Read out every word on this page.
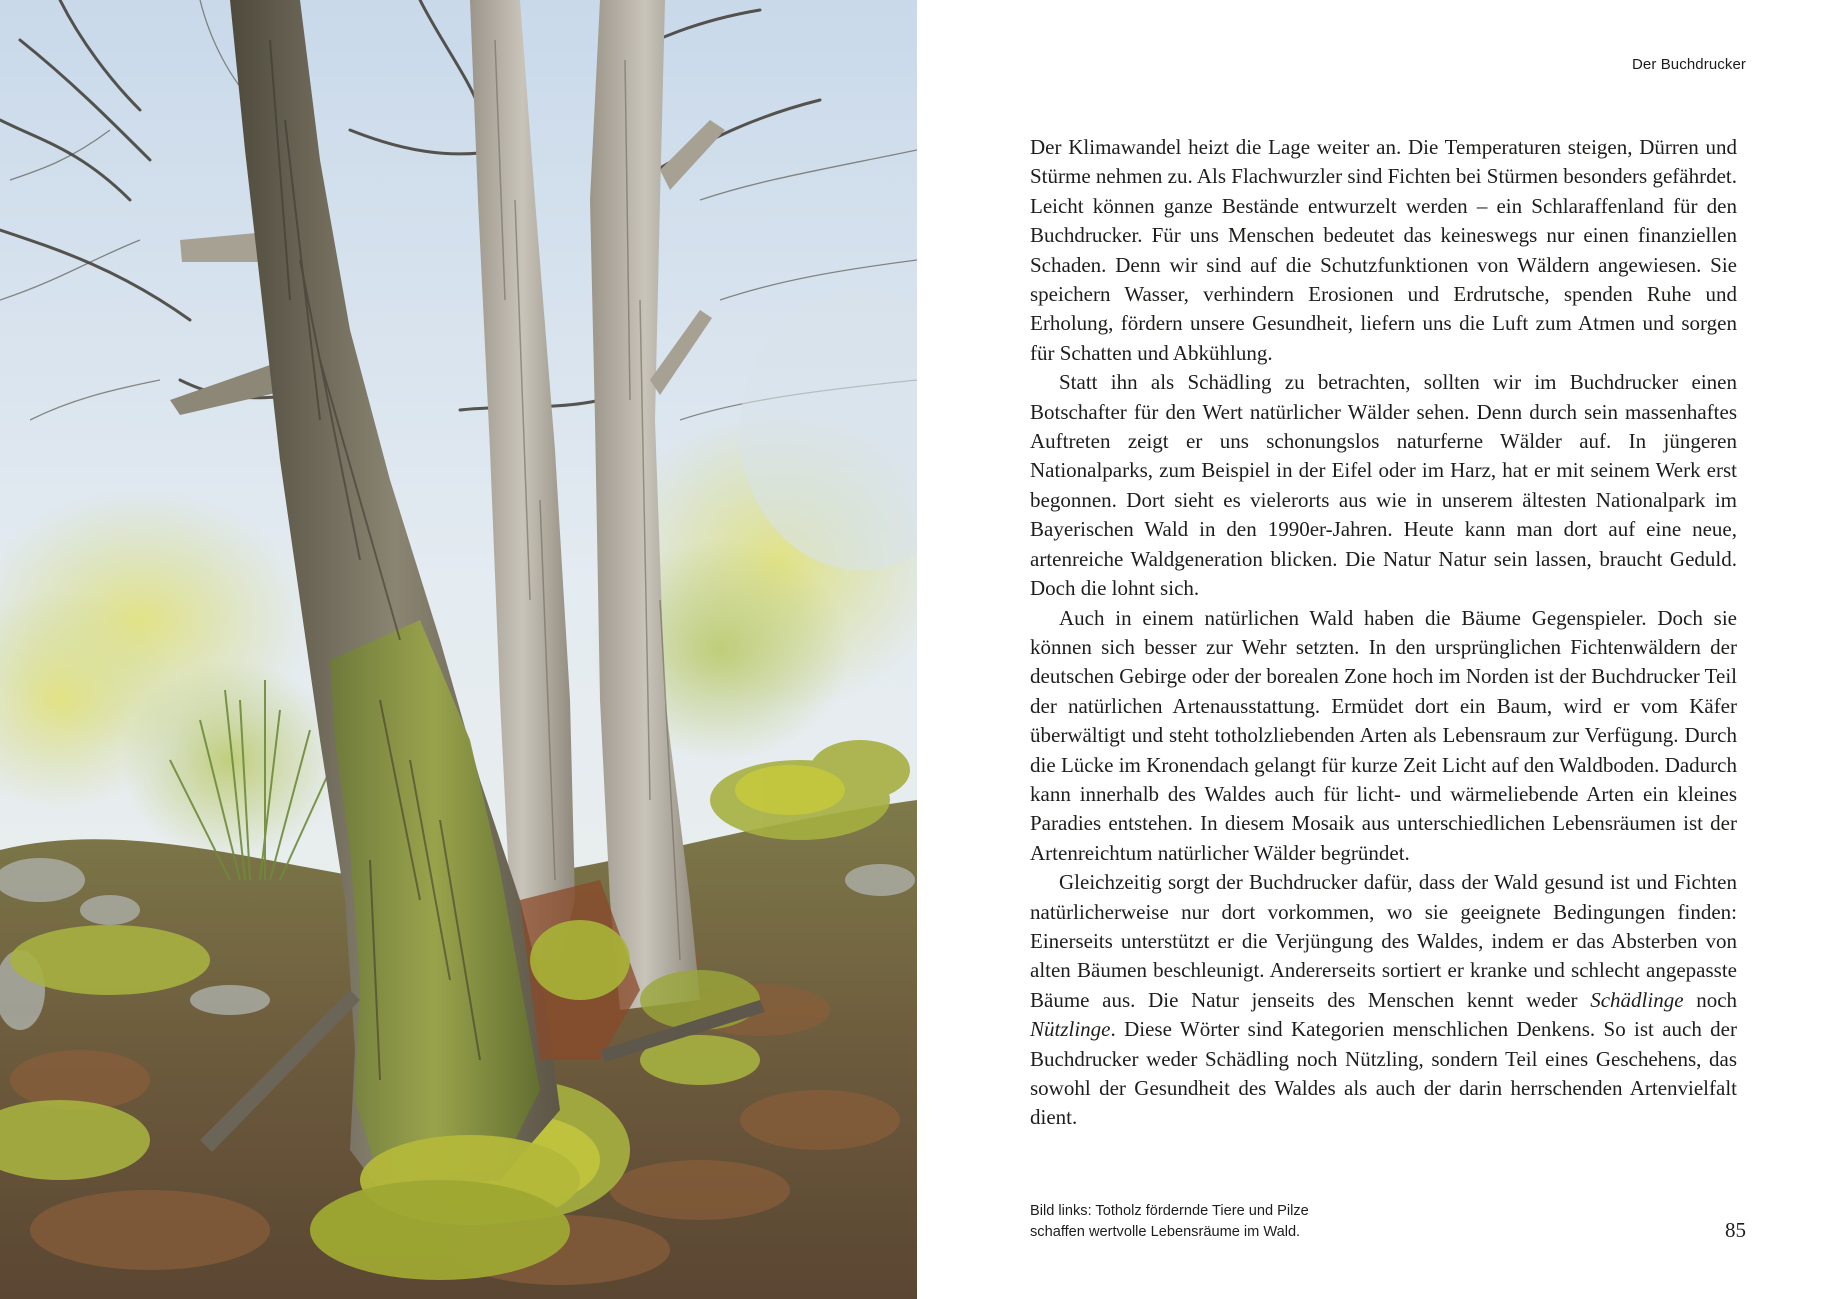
Der Buchdrucker

Der Klimawandel heizt die Lage weiter an. Die Temperaturen steigen, Dürren und Stürme nehmen zu. Als Flachwurzler sind Fichten bei Stürmen besonders gefährdet. Leicht können ganze Bestände entwurzelt werden – ein Schlaraffenland für den Buchdrucker. Für uns Menschen bedeutet das keineswegs nur einen finanziellen Schaden. Denn wir sind auf die Schutzfunktionen von Wäldern angewiesen. Sie speichern Wasser, verhindern Erosionen und Erdrutsche, spenden Ruhe und Erholung, fördern unsere Gesundheit, liefern uns die Luft zum Atmen und sorgen für Schatten und Abkühlung.

Statt ihn als Schädling zu betrachten, sollten wir im Buchdrucker einen Botschafter für den Wert natürlicher Wälder sehen. Denn durch sein massenhaftes Auftreten zeigt er uns schonungslos naturferne Wälder auf. In jüngeren Nationalparks, zum Beispiel in der Eifel oder im Harz, hat er mit seinem Werk erst begonnen. Dort sieht es vielerorts aus wie in unserem ältesten Nationalpark im Bayerischen Wald in den 1990er-Jahren. Heute kann man dort auf eine neue, artenreiche Waldgeneration blicken. Die Natur Natur sein lassen, braucht Geduld. Doch die lohnt sich.

Auch in einem natürlichen Wald haben die Bäume Gegenspieler. Doch sie können sich besser zur Wehr setzten. In den ursprünglichen Fichtenwäldern der deutschen Gebirge oder der borealen Zone hoch im Norden ist der Buchdrucker Teil der natürlichen Artenausstattung. Ermüdet dort ein Baum, wird er vom Käfer überwältigt und steht totholzliebenden Arten als Lebensraum zur Verfügung. Durch die Lücke im Kronendach gelangt für kurze Zeit Licht auf den Waldboden. Dadurch kann innerhalb des Waldes auch für licht- und wärmeliebende Arten ein kleines Paradies entstehen. In diesem Mosaik aus unterschiedlichen Lebensräumen ist der Artenreichtum natürlicher Wälder begründet.

Gleichzeitig sorgt der Buchdrucker dafür, dass der Wald gesund ist und Fichten natürlicherweise nur dort vorkommen, wo sie geeignete Bedingungen finden: Einerseits unterstützt er die Verjüngung des Waldes, indem er das Absterben von alten Bäumen beschleunigt. Andererseits sortiert er kranke und schlecht angepasste Bäume aus. Die Natur jenseits des Menschen kennt weder Schädlinge noch Nützlinge. Diese Wörter sind Kategorien menschlichen Denkens. So ist auch der Buchdrucker weder Schädling noch Nützling, sondern Teil eines Geschehens, das sowohl der Gesundheit des Waldes als auch der darin herrschenden Artenvielfalt dient.

Bild links: Totholz fördernde Tiere und Pilze
schaffen wertvolle Lebensräume im Wald.	85
